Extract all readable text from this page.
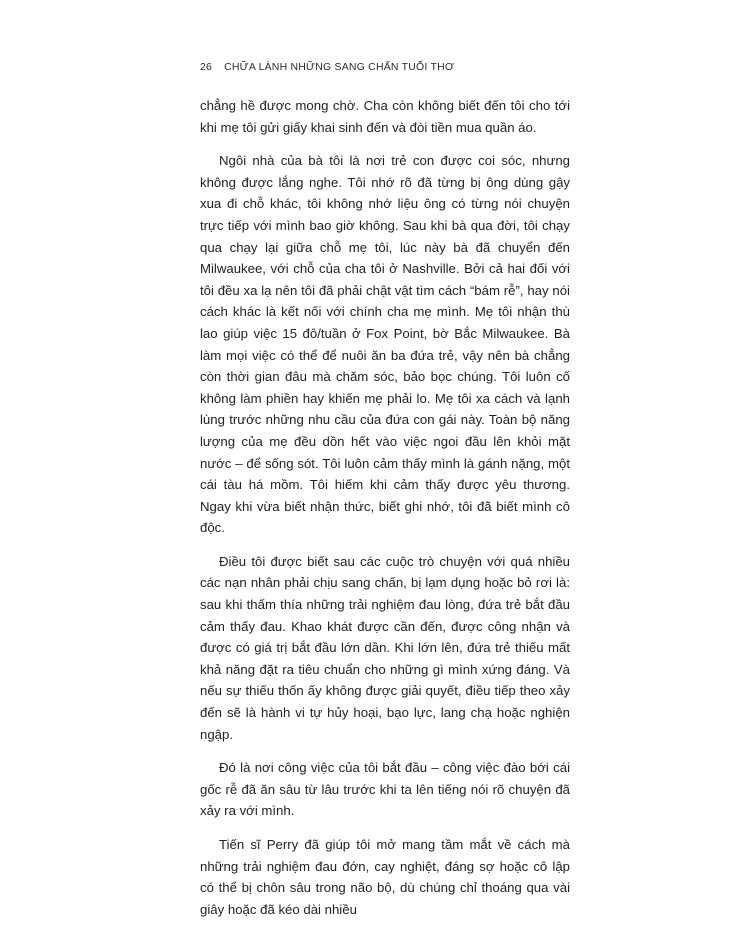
26 CHỮA LÀNH NHỮNG SANG CHẤN TUỔI THƠ

chẳng hề được mong chờ. Cha còn không biết đến tôi cho tới khi mẹ tôi gửi giấy khai sinh đến và đòi tiền mua quần áo.

Ngôi nhà của bà tôi là nơi trẻ con được coi sóc, nhưng không được lắng nghe. Tôi nhớ rõ đã từng bị ông dùng gậy xua đi chỗ khác, tôi không nhớ liệu ông có từng nói chuyện trực tiếp với mình bao giờ không. Sau khi bà qua đời, tôi chạy qua chạy lại giữa chỗ mẹ tôi, lúc này bà đã chuyển đến Milwaukee, với chỗ của cha tôi ở Nashville. Bởi cả hai đối với tôi đều xa lạ nên tôi đã phải chật vật tìm cách “bám rễ”, hay nói cách khác là kết nối với chính cha mẹ mình. Mẹ tôi nhận thù lao giúp việc 15 đô/tuần ở Fox Point, bờ Bắc Milwaukee. Bà làm mọi việc có thể để nuôi ăn ba đứa trẻ, vậy nên bà chẳng còn thời gian đâu mà chăm sóc, bảo bọc chúng. Tôi luôn cố không làm phiền hay khiến mẹ phải lo. Mẹ tôi xa cách và lạnh lùng trước những nhu cầu của đứa con gái này. Toàn bộ năng lượng của mẹ đều dồn hết vào việc ngoi đầu lên khỏi mặt nước – để sống sót. Tôi luôn cảm thấy mình là gánh nặng, một cái tàu há mồm. Tôi hiếm khi cảm thấy được yêu thương. Ngay khi vừa biết nhận thức, biết ghi nhớ, tôi đã biết mình cô độc.

Điều tôi được biết sau các cuộc trò chuyện với quá nhiều các nạn nhân phải chịu sang chấn, bị lạm dụng hoặc bỏ rơi là: sau khi thấm thía những trải nghiệm đau lòng, đứa trẻ bắt đầu cảm thấy đau. Khao khát được cần đến, được công nhận và được có giá trị bắt đầu lớn dần. Khi lớn lên, đứa trẻ thiếu mất khả năng đặt ra tiêu chuẩn cho những gì mình xứng đáng. Và nếu sự thiếu thốn ấy không được giải quyết, điều tiếp theo xảy đến sẽ là hành vi tự hủy hoại, bạo lực, lang chạ hoặc nghiện ngập.

Đó là nơi công việc của tôi bắt đầu – công việc đào bới cái gốc rễ đã ăn sâu từ lâu trước khi ta lên tiếng nói rõ chuyện đã xảy ra với mình.

Tiến sĩ Perry đã giúp tôi mở mang tầm mắt về cách mà những trải nghiệm đau đớn, cay nghiệt, đáng sợ hoặc cô lập có thể bị chôn sâu trong não bộ, dù chúng chỉ thoáng qua vài giây hoặc đã kéo dài nhiều
